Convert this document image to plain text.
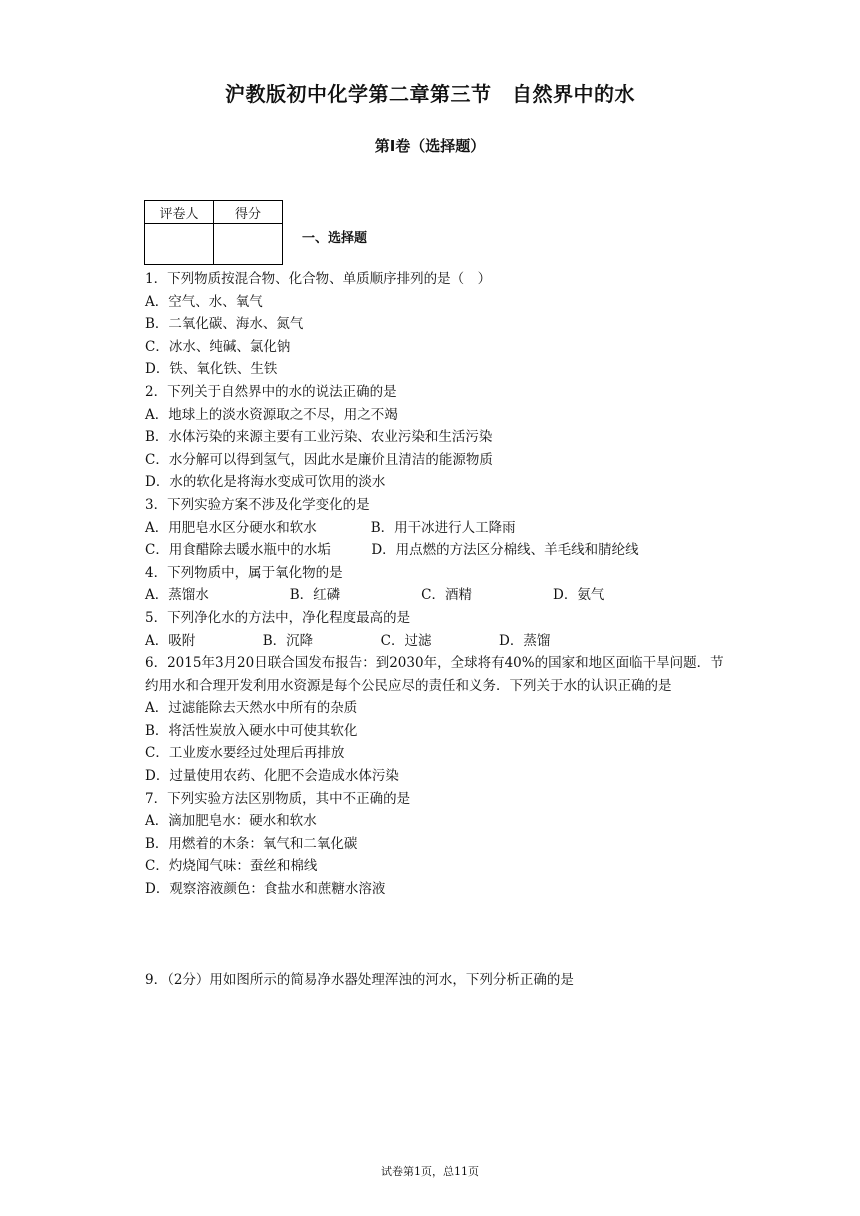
沪教版初中化学第二章第三节　自然界中的水
第Ⅰ卷（选择题）
评卷人	得分

一、选择题
1．下列物质按混合物、化合物、单质顺序排列的是（　）
A．空气、水、氧气
B．二氧化碳、海水、氮气
C．冰水、纯碱、氯化钠
D．铁、氧化铁、生铁
2．下列关于自然界中的水的说法正确的是
A．地球上的淡水资源取之不尽，用之不竭
B．水体污染的来源主要有工业污染、农业污染和生活污染
C．水分解可以得到氢气，因此水是廉价且清洁的能源物质
D．水的软化是将海水变成可饮用的淡水
3．下列实验方案不涉及化学变化的是
A．用肥皂水区分硬水和软水　　　　B．用干冰进行人工降雨
C．用食醋除去暖水瓶中的水垢　　　D．用点燃的方法区分棉线、羊毛线和腈纶线
4．下列物质中，属于氧化物的是
A．蒸馏水　　　　　　B．红磷　　　　　　C．酒精　　　　　　D．氨气
5．下列净化水的方法中，净化程度最高的是
A．吸附　　　　　B．沉降　　　　　C．过滤　　　　　D．蒸馏
6．2015年3月20日联合国发布报告：到2030年，全球将有40%的国家和地区面临干旱问题．节约用水和合理开发利用水资源是每个公民应尽的责任和义务．下列关于水的认识正确的是
A．过滤能除去天然水中所有的杂质
B．将活性炭放入硬水中可使其软化
C．工业废水要经过处理后再排放
D．过量使用农药、化肥不会造成水体污染
7．下列实验方法区别物质，其中不正确的是
A．滴加肥皂水：硬水和软水
B．用燃着的木条：氧气和二氧化碳
C．灼烧闻气味：蚕丝和棉线
D．观察溶液颜色：食盐水和蔗糖水溶液
9．（2分）用如图所示的简易净水器处理浑浊的河水，下列分析正确的是
试卷第1页，总11页
